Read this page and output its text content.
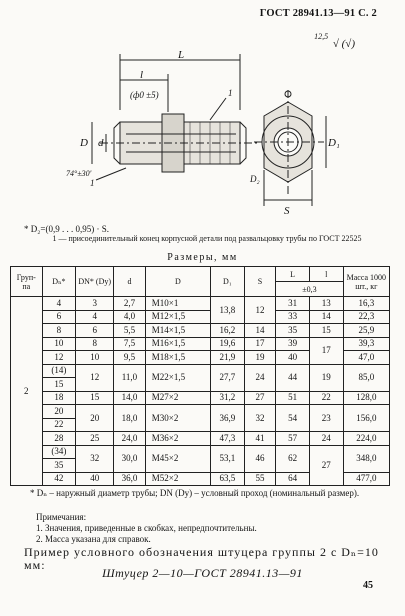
ГОСТ 28941.13—91 С. 2
$^{12,5}$ √ (√)
L
l
(ф0 ±5)
D d
1
1
74°±30'
D₁
S
D₂
* D₂=(0,9 . . . 0,95) · S.
1 — присоединительный конец корпусной детали под развальцовку трубы по ГОСТ 22525
Размеры, мм
Груп- па	Dₙ*	DN* (Dу)	d	D	D₁	S	L	l	Масса 1000 шт., кг
							±0,3		
2	4	3	2,7	M10×1	13,8	12	31	13	16,3
	6	4	4,0	M12×1,5			33	14	22,3
	8	6	5,5	M14×1,5	16,2	14	35	15	25,9
	10	8	7,5	M16×1,5	19,6	17	39	17	39,3
	12	10	9,5	M18×1,5	21,9	19	40		47,0
	(14)	12	11,0	M22×1,5	27,7	24	44	19	85,0
	15								
	18	15	14,0	M27×2	31,2	27	51	22	128,0
	20	20	18,0	M30×2	36,9	32	54	23	156,0
	22								
	28	25	24,0	M36×2	47,3	41	57	24	224,0
	(34)	32	30,0	M45×2	53,1	46	62	27	348,0
	35								
	42	40	36,0	M52×2	63,5	55	64		477,0
* Dₙ – наружный диаметр трубы; DN (Dу) – условный проход (номинальный размер).
Примечания:
1. Значения, приведенные в скобках, непредпочтительны.
2. Масса указана для справок.
Пример условного обозначения штуцера группы 2 с Dₙ=10 мм:
Штуцер 2—10—ГОСТ 28941.13—91
45
